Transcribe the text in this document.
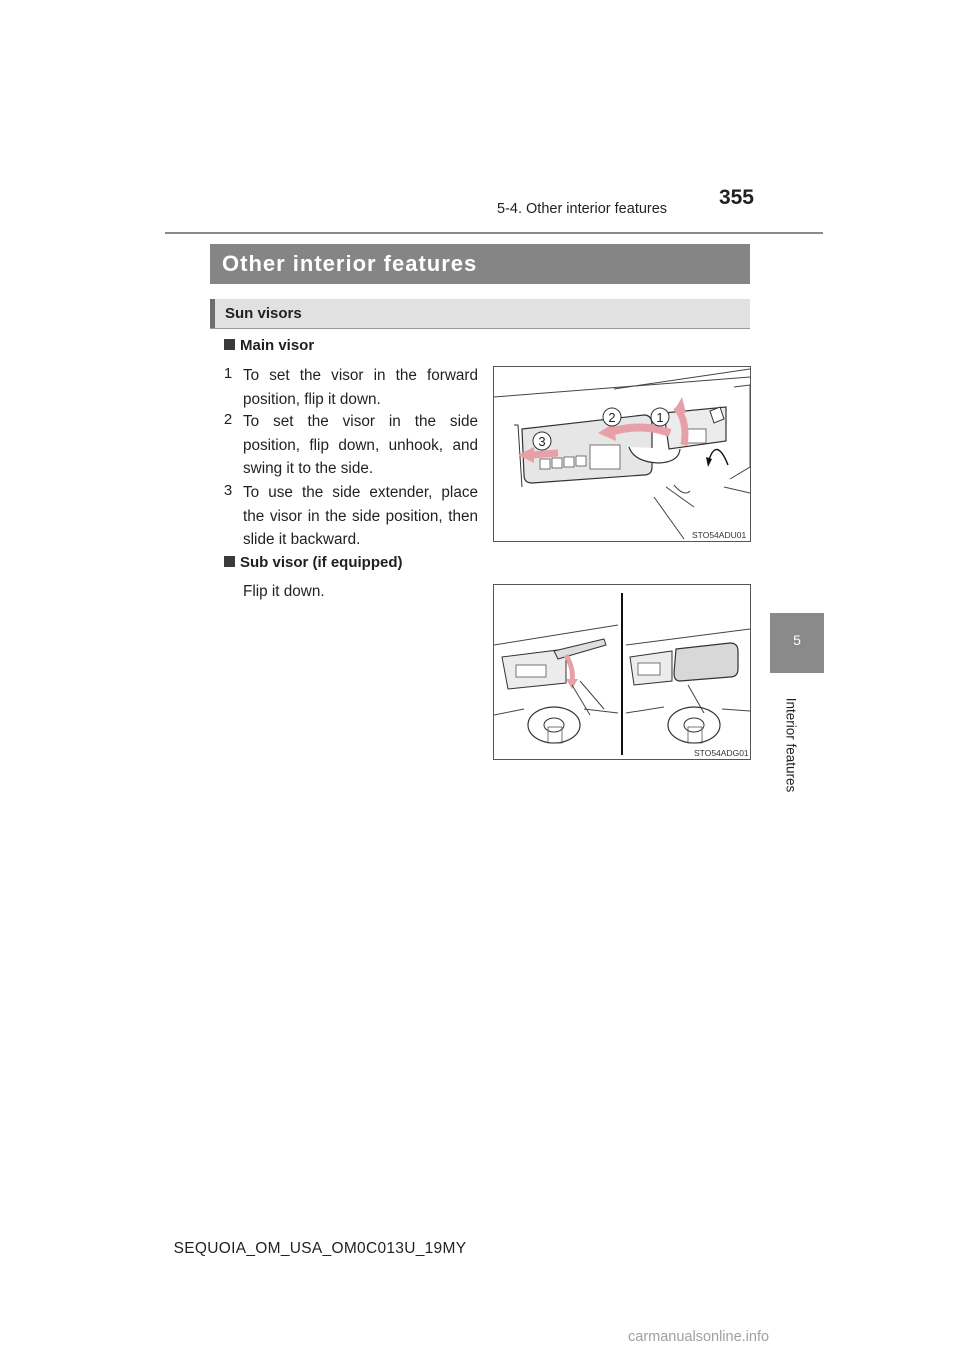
355
5-4. Other interior features
Other interior features
Sun visors
5
Interior features
Main visor
1 To set the visor in the forward position, flip it down.
2 To set the visor in the side position, flip down, unhook, and swing it to the side.
3 To use the side extender, place the visor in the side position, then slide it backward.
1
2
3
STO54ADU01
Sub visor (if equipped)
Flip it down.
STO54ADG01
SEQUOIA_OM_USA_OM0C013U_19MY
carmanualsonline.info
